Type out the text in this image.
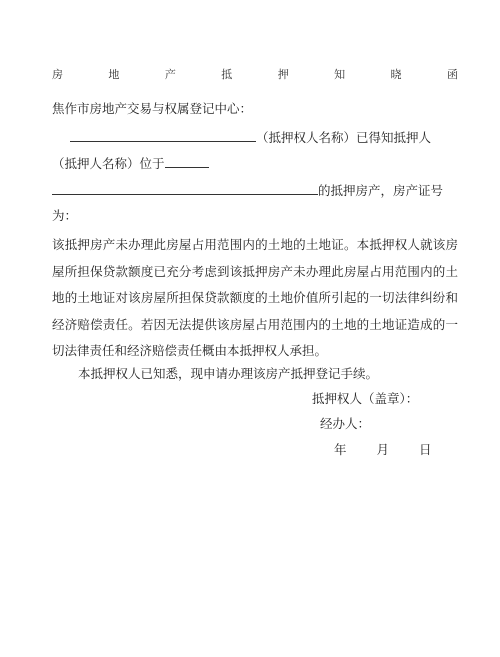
房	地	产	抵	押	知	晓	函
焦作市房地产交易与权属登记中心：
（抵押权人名称）已得知抵押人
（抵押人名称）位于
的抵押房产，房产证号
为：
该抵押房产未办理此房屋占用范围内的土地的土地证。本抵押权人就该房屋所担保贷款额度已充分考虑到该抵押房产未办理此房屋占用范围内的土地的土地证对该房屋所担保贷款额度的土地价值所引起的一切法律纠纷和经济赔偿责任。若因无法提供该房屋占用范围内的土地的土地证造成的一切法律责任和经济赔偿责任概由本抵押权人承担。
本抵押权人已知悉，现申请办理该房产抵押登记手续。
抵押权人（盖章）：
经办人：
年 月 日
